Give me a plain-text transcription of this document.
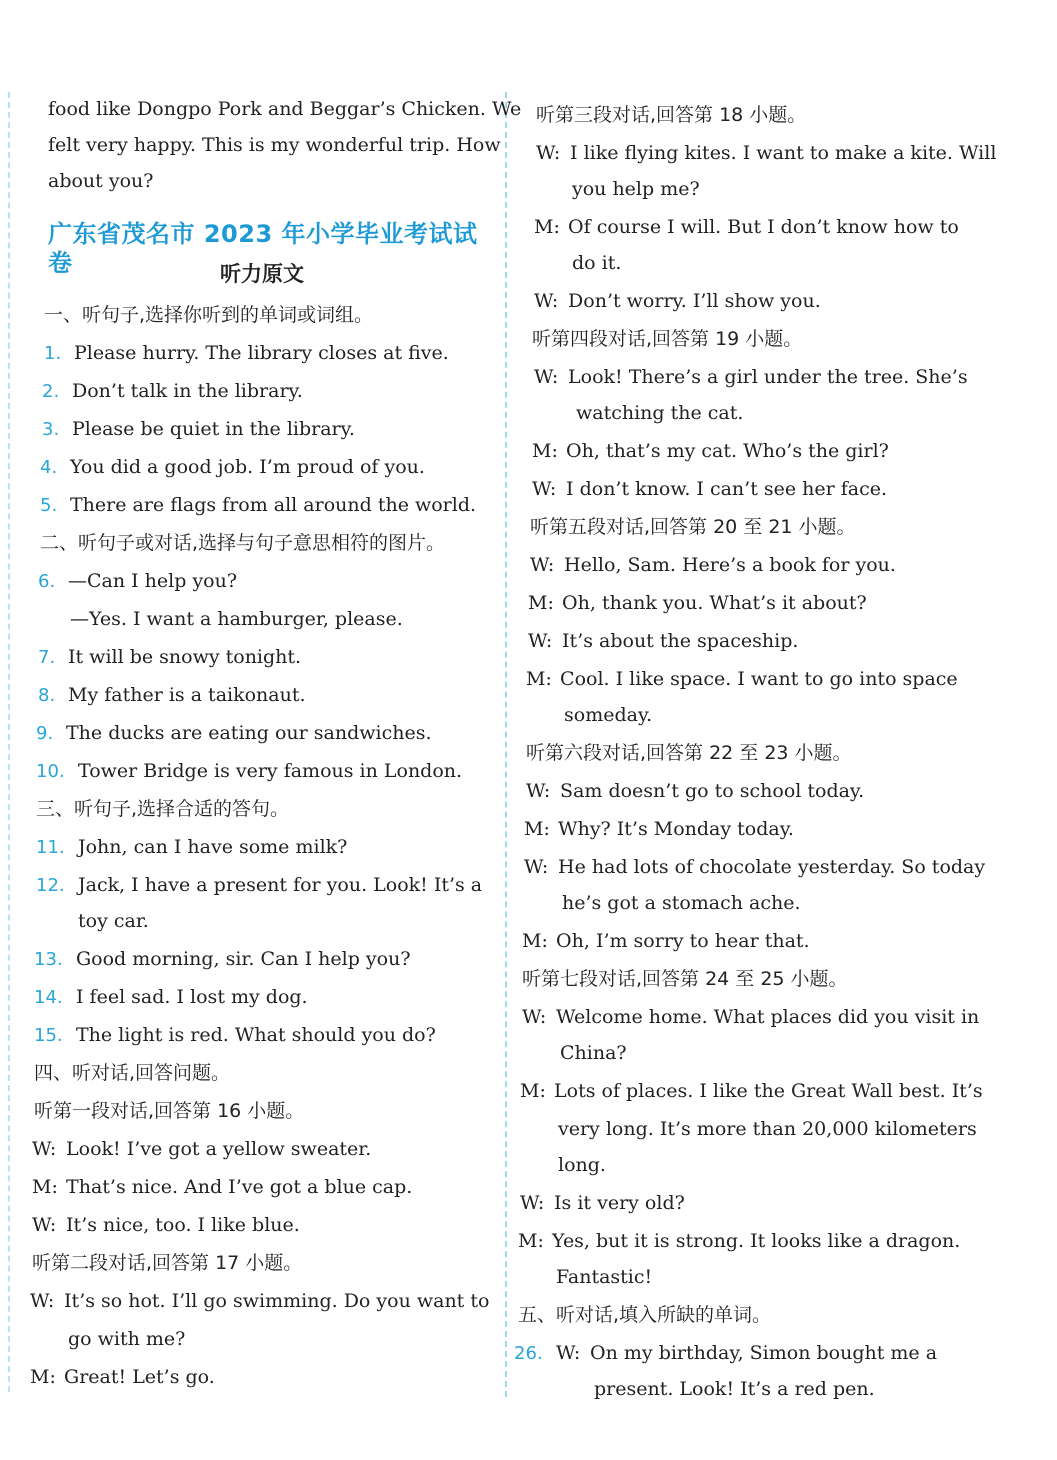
food like Dongpo Pork and Beggar’s Chicken. We
felt very happy. This is my wonderful trip. How
about you?
广东省茂名市 2023 年小学毕业考试试卷	听力原文
一、听句子,选择你听到的单词或词组。
1. Please hurry. The library closes at five.
2. Don’t talk in the library.
3. Please be quiet in the library.
4. You did a good job. I’m proud of you.
5. There are flags from all around the world.
二、听句子或对话,选择与句子意思相符的图片。
6. —Can I help you?
—Yes. I want a hamburger, please.
7. It will be snowy tonight.
8. My father is a taikonaut.
9. The ducks are eating our sandwiches.
10. Tower Bridge is very famous in London.
三、听句子,选择合适的答句。
11. John, can I have some milk?
12. Jack, I have a present for you. Look! It’s a
toy car.
13. Good morning, sir. Can I help you?
14. I feel sad. I lost my dog.
15. The light is red. What should you do?
四、听对话,回答问题。
听第一段对话,回答第 16 小题。
W: Look! I’ve got a yellow sweater.
M: That’s nice. And I’ve got a blue cap.
W: It’s nice, too. I like blue.
听第二段对话,回答第 17 小题。
W: It’s so hot. I’ll go swimming. Do you want to
go with me?
M: Great! Let’s go.
听第三段对话,回答第 18 小题。
W: I like flying kites. I want to make a kite. Will
you help me?
M: Of course I will. But I don’t know how to
do it.
W: Don’t worry. I’ll show you.
听第四段对话,回答第 19 小题。
W: Look! There’s a girl under the tree. She’s
watching the cat.
M: Oh, that’s my cat. Who’s the girl?
W: I don’t know. I can’t see her face.
听第五段对话,回答第 20 至 21 小题。
W: Hello, Sam. Here’s a book for you.
M: Oh, thank you. What’s it about?
W: It’s about the spaceship.
M: Cool. I like space. I want to go into space
someday.
听第六段对话,回答第 22 至 23 小题。
W: Sam doesn’t go to school today.
M: Why? It’s Monday today.
W: He had lots of chocolate yesterday. So today
he’s got a stomach ache.
M: Oh, I’m sorry to hear that.
听第七段对话,回答第 24 至 25 小题。
W: Welcome home. What places did you visit in
China?
M: Lots of places. I like the Great Wall best. It’s
very long. It’s more than 20,000 kilometers
long.
W: Is it very old?
M: Yes, but it is strong. It looks like a dragon.
Fantastic!
五、听对话,填入所缺的单词。
26. W: On my birthday, Simon bought me a
present. Look! It’s a red pen.
